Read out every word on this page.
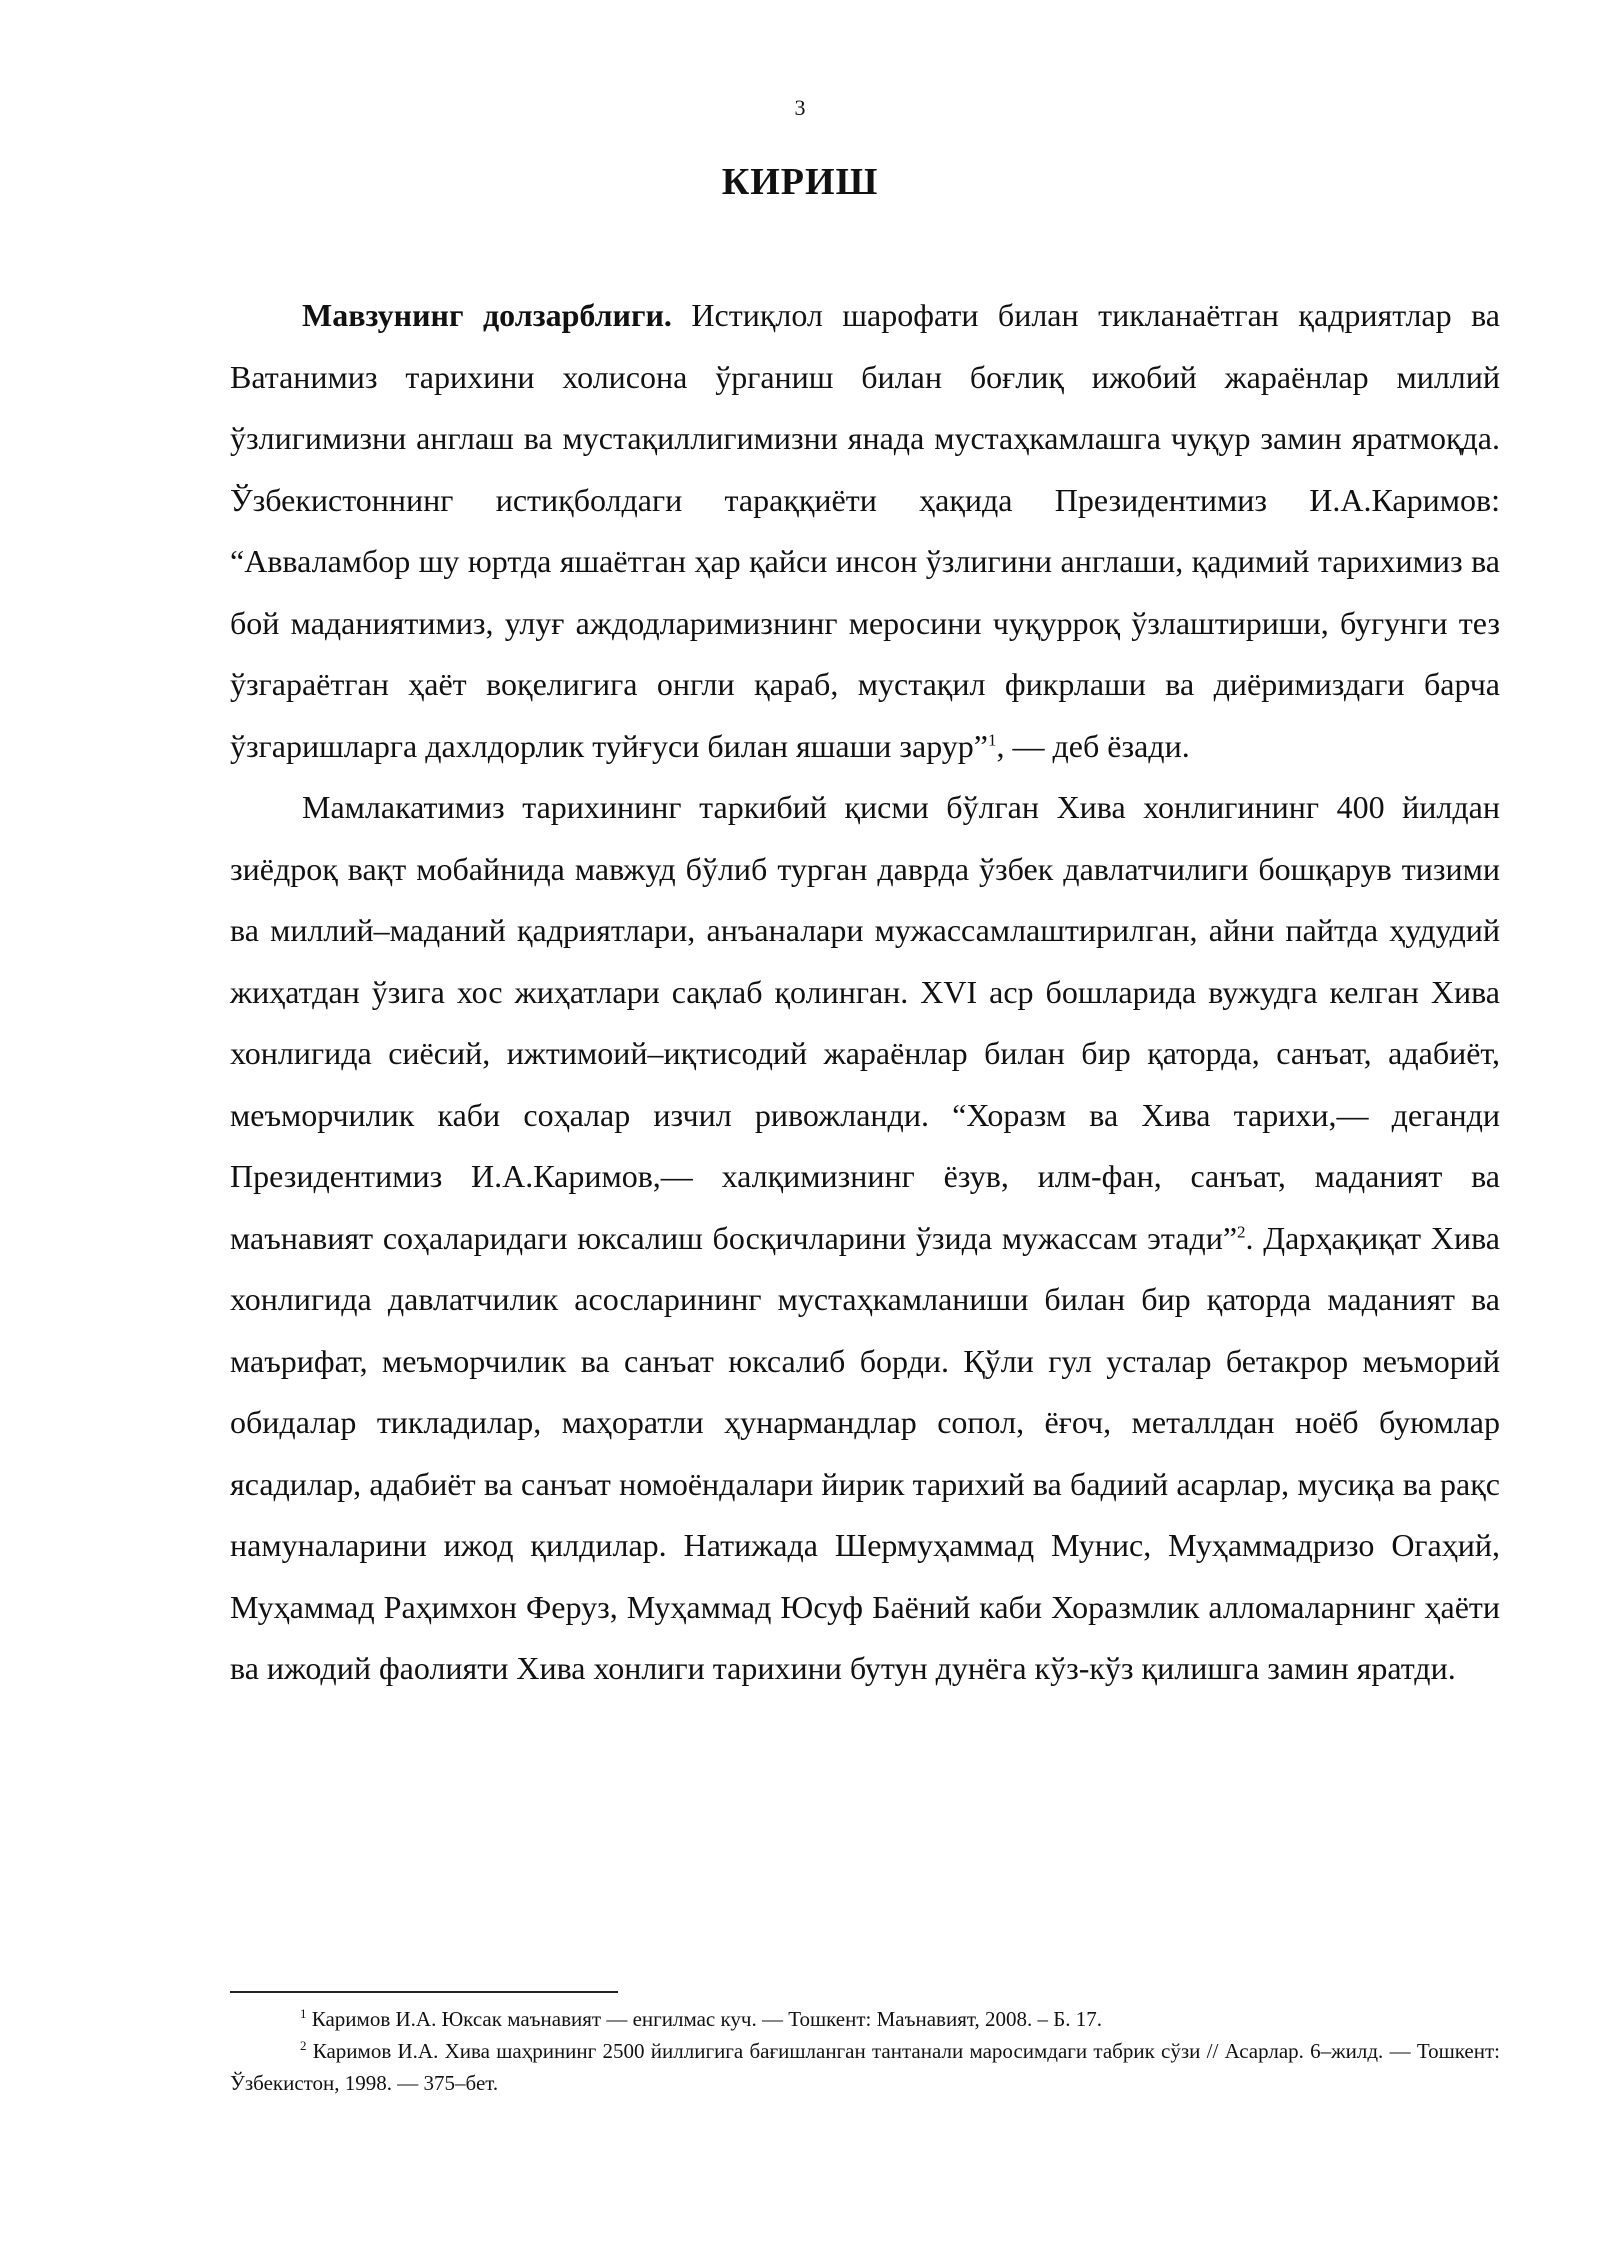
3
КИРИШ

Мавзунинг долзарблиги. Истиқлол шарофати билан тикланаётган қадриятлар ва Ватанимиз тарихини холисона ўрганиш билан боғлиқ ижобий жараёнлар миллий ўзлигимизни англаш ва мустақиллигимизни янада мустаҳкамлашга чуқур замин яратмоқда. Ўзбекистоннинг истиқболдаги тараққиёти ҳақида Президентимиз И.А.Каримов: “Авваламбор шу юртда яшаётган ҳар қайси инсон ўзлигини англаши, қадимий тарихимиз ва бой маданиятимиз, улуғ аждодларимизнинг меросини чуқурроқ ўзлаштириши, бугунги тез ўзгараётган ҳаёт воқелигига онгли қараб, мустақил фикрлаши ва диёримиздаги барча ўзгаришларга дахлдорлик туйғуси билан яшаши зарур”$^1$, — деб ёзади.

Мамлакатимиз тарихининг таркибий қисми бўлган Хива хонлигининг 400 йилдан зиёдроқ вақт мобайнида мавжуд бўлиб турган даврда ўзбек давлатчилиги бошқарув тизими ва миллий–маданий қадриятлари, анъаналари мужассамлаштирилган, айни пайтда ҳудудий жиҳатдан ўзига хос жиҳатлари сақлаб қолинган. XVI аср бошларида вужудга келган Хива хонлигида сиёсий, ижтимоий–иқтисодий жараёнлар билан бир қаторда, санъат, адабиёт, меъморчилик каби соҳалар изчил ривожланди. “Хоразм ва Хива тарихи,— деганди Президентимиз И.А.Каримов,— халқимизнинг ёзув, илм-фан, санъат, маданият ва маънавият соҳаларидаги юксалиш босқичларини ўзида мужассам этади”$^2$. Дарҳақиқат Хива хонлигида давлатчилик асосларининг мустаҳкамланиши билан бир қаторда маданият ва маърифат, меъморчилик ва санъат юксалиб борди. Қўли гул усталар бетакрор меъморий обидалар тикладилар, маҳоратли ҳунармандлар сопол, ёғоч, металлдан ноёб буюмлар ясадилар, адабиёт ва санъат номоёндалари йирик тарихий ва бадиий асарлар, мусиқа ва рақс намуналарини ижод қилдилар. Натижада Шермуҳаммад Мунис, Муҳаммадризо Огаҳий, Муҳаммад Раҳимхон Феруз, Муҳаммад Юсуф Баёний каби Хоразмлик алломаларнинг ҳаёти ва ижодий фаолияти Хива хонлиги тарихини бутун дунёга кўз-кўз қилишга замин яратди.

$^1$ Каримов И.А. Юксак маънавият — енгилмас куч. — Тошкент: Маънавият, 2008. – Б. 17.

$^2$ Каримов И.А. Хива шаҳрининг 2500 йиллигига бағишланган тантанали маросимдаги табрик сўзи // Асарлар. 6–жилд. — Тошкент: Ўзбекистон, 1998. — 375–бет.
